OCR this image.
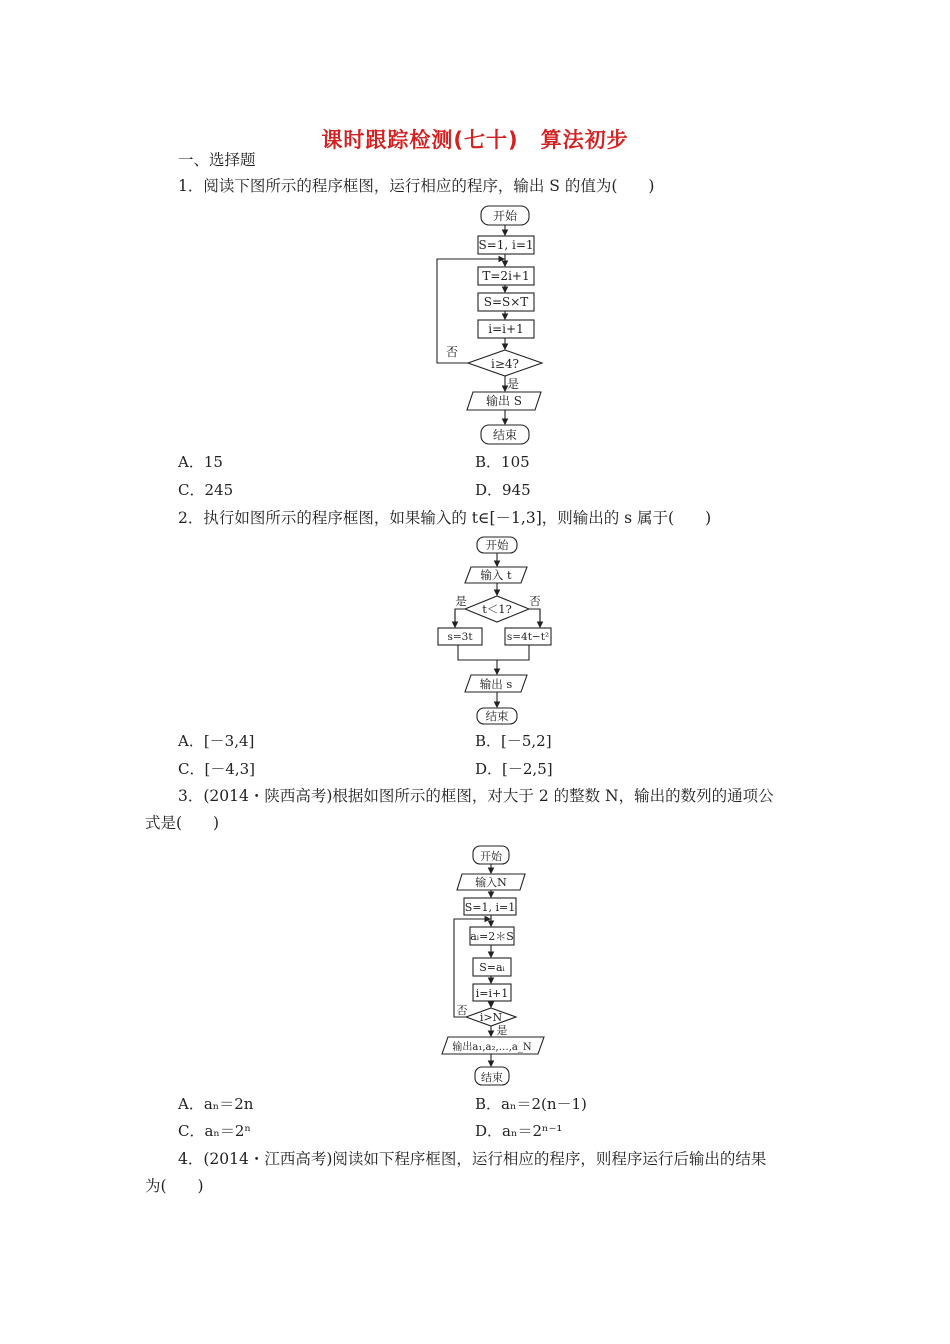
课时跟踪检测(七十)　算法初步
一、选择题
1．阅读下图所示的程序框图，运行相应的程序，输出 S 的值为(　　)
开始
S=1, i=1
T=2i+1
S=S×T
i=i+1
i≥4?
否
是
输出 S
结束
A．15	B．105
C．245	D．945
2．执行如图所示的程序框图，如果输入的 t∈[－1,3]，则输出的 s 属于(　　)
开始
输入 t
t＜1?
是	否
s=3t	s=4t−t²
输出 s
结束
A．[－3,4]	B．[－5,2]
C．[－4,3]	D．[－2,5]
3．(2014・陕西高考)根据如图所示的框图，对大于 2 的整数 N，输出的数列的通项公
式是(　　)
开始
输入N
S=1, i=1
aᵢ=2＊S
S=aᵢ
i=i+1
i>N
否
是
输出a₁,a₂,…,a_N
结束
A．aₙ＝2n	B．aₙ＝2(n－1)
C．aₙ＝2ⁿ	D．aₙ＝2ⁿ⁻¹
4．(2014・江西高考)阅读如下程序框图，运行相应的程序，则程序运行后输出的结果
为(　　)
